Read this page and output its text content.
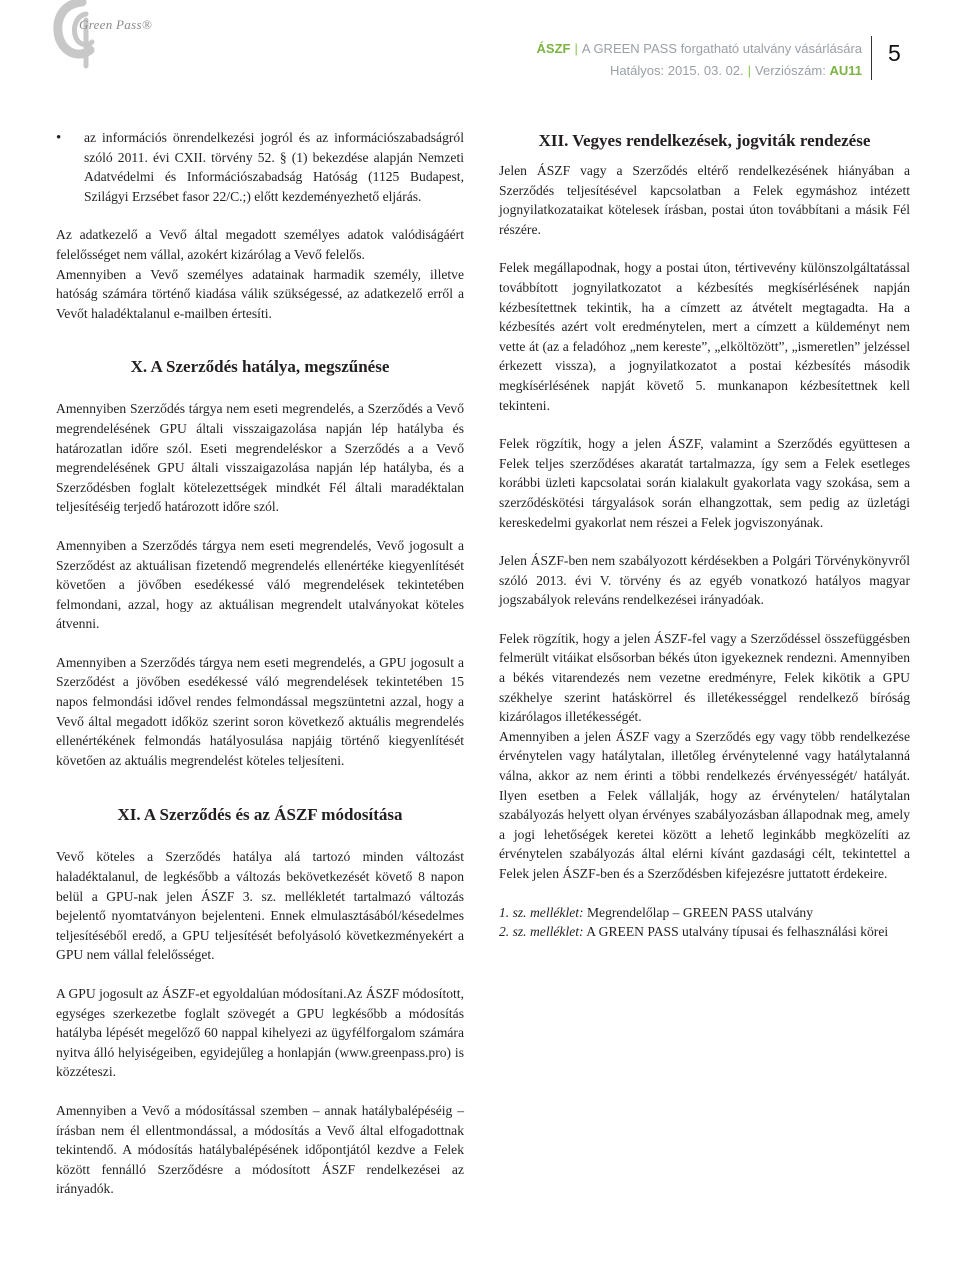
Green Pass®
ÁSZF | A GREEN PASS forgatható utalvány vásárlására
Hatályos: 2015. 03. 02. | Verziószám: AU11
5
•
az információs önrendelkezési jogról és az információszabadságról szóló 2011. évi CXII. törvény 52. § (1) bekezdése alapján Nemzeti Adatvédelmi és Információszabadság Hatóság (1125 Budapest, Szilágyi Erzsébet fasor 22/C.;) előtt kezdeményezhető eljárás.

Az adatkezelő a Vevő által megadott személyes adatok valódiságáért felelősséget nem vállal, azokért kizárólag a Vevő felelős.

Amennyiben a Vevő személyes adatainak harmadik személy, illetve hatóság számára történő kiadása válik szükségessé, az adatkezelő erről a Vevőt haladéktalanul e-mailben értesíti.

X. A Szerződés hatálya, megszűnése

Amennyiben Szerződés tárgya nem eseti megrendelés, a Szerződés a Vevő megrendelésének GPU általi visszaigazolása napján lép hatályba és határozatlan időre szól. Eseti megrendeléskor a Szerződés a a Vevő megrendelésének GPU általi visszaigazolása napján lép hatályba, és a Szerződésben foglalt kötelezettségek mindkét Fél általi maradéktalan teljesítéséig terjedő határozott időre szól.

Amennyiben a Szerződés tárgya nem eseti megrendelés, Vevő jogosult a Szerződést az aktuálisan fizetendő megrendelés ellenértéke kiegyenlítését követően a jövőben esedékessé váló megrendelések tekintetében felmondani, azzal, hogy az aktuálisan megrendelt utalványokat köteles átvenni.

Amennyiben a Szerződés tárgya nem eseti megrendelés, a GPU jogosult a Szerződést a jövőben esedékessé váló megrendelések tekintetében 15 napos felmondási idővel rendes felmondással megszüntetni azzal, hogy a Vevő által megadott időköz szerint soron következő aktuális megrendelés ellenértékének felmondás hatályosulása napjáig történő kiegyenlítését követően az aktuális megrendelést köteles teljesíteni.

XI. A Szerződés és az ÁSZF módosítása

Vevő köteles a Szerződés hatálya alá tartozó minden változást haladéktalanul, de legkésőbb a változás bekövetkezését követő 8 napon belül a GPU-nak jelen ÁSZF 3. sz. mellékletét tartalmazó változás bejelentő nyomtatványon bejelenteni. Ennek elmulasztásából/késedelmes teljesítéséből eredő, a GPU teljesítését befolyásoló következményekért a GPU nem vállal felelősséget.

A GPU jogosult az ÁSZF-et egyoldalúan módosítani.Az ÁSZF módosított, egységes szerkezetbe foglalt szövegét a GPU legkésőbb a módosítás hatályba lépését megelőző 60 nappal kihelyezi az ügyfélforgalom számára nyitva álló helyiségeiben, egyidejűleg a honlapján (www.greenpass.pro) is közzéteszi.

Amennyiben a Vevő a módosítással szemben – annak hatálybalépéséig – írásban nem él ellentmondással, a módosítás a Vevő által elfogadottnak tekintendő. A módosítás hatálybalépésének időpontjától kezdve a Felek között fennálló Szerződésre a módosított ÁSZF rendelkezései az irányadók.

XII. Vegyes rendelkezések, jogviták rendezése

Jelen ÁSZF vagy a Szerződés eltérő rendelkezésének hiányában a Szerződés teljesítésével kapcsolatban a Felek egymáshoz intézett jognyilatkozataikat kötelesek írásban, postai úton továbbítani a másik Fél részére.

Felek megállapodnak, hogy a postai úton, tértivevény különszolgáltatással továbbított jognyilatkozatot a kézbesítés megkísérlésének napján kézbesítettnek tekintik, ha a címzett az átvételt megtagadta. Ha a kézbesítés azért volt eredménytelen, mert a címzett a küldeményt nem vette át (az a feladóhoz „nem kereste”, „elköltözött”, „ismeretlen” jelzéssel érkezett vissza), a jognyilatkozatot a postai kézbesítés második megkísérlésének napját követő 5. munkanapon kézbesítettnek kell tekinteni.

Felek rögzítik, hogy a jelen ÁSZF, valamint a Szerződés együttesen a Felek teljes szerződéses akaratát tartalmazza, így sem a Felek esetleges korábbi üzleti kapcsolatai során kialakult gyakorlata vagy szokása, sem a szerződéskötési tárgyalások során elhangzottak, sem pedig az üzletági kereskedelmi gyakorlat nem részei a Felek jogviszonyának.

Jelen ÁSZF-ben nem szabályozott kérdésekben a Polgári Törvénykönyvről szóló 2013. évi V. törvény és az egyéb vonatkozó hatályos magyar jogszabályok releváns rendelkezései irányadóak.

Felek rögzítik, hogy a jelen ÁSZF-fel vagy a Szerződéssel összefüggésben felmerült vitáikat elsősorban békés úton igyekeznek rendezni. Amennyiben a békés vitarendezés nem vezetne eredményre, Felek kikötik a GPU székhelye szerint hatáskörrel és illetékességgel rendelkező bíróság kizárólagos illetékességét.

Amennyiben a jelen ÁSZF vagy a Szerződés egy vagy több rendelkezése érvénytelen vagy hatálytalan, illetőleg érvénytelenné vagy hatálytalanná válna, akkor az nem érinti a többi rendelkezés érvényességét/ hatályát. Ilyen esetben a Felek vállalják, hogy az érvénytelen/ hatálytalan szabályozás helyett olyan érvényes szabályozásban állapodnak meg, amely a jogi lehetőségek keretei között a lehető leginkább megközelíti az érvénytelen szabályozás által elérni kívánt gazdasági célt, tekintettel a Felek jelen ÁSZF-ben és a Szerződésben kifejezésre juttatott érdekeire.

1. sz. melléklet: Megrendelőlap – GREEN PASS utalvány

2. sz. melléklet: A GREEN PASS utalvány típusai és felhasználási körei
